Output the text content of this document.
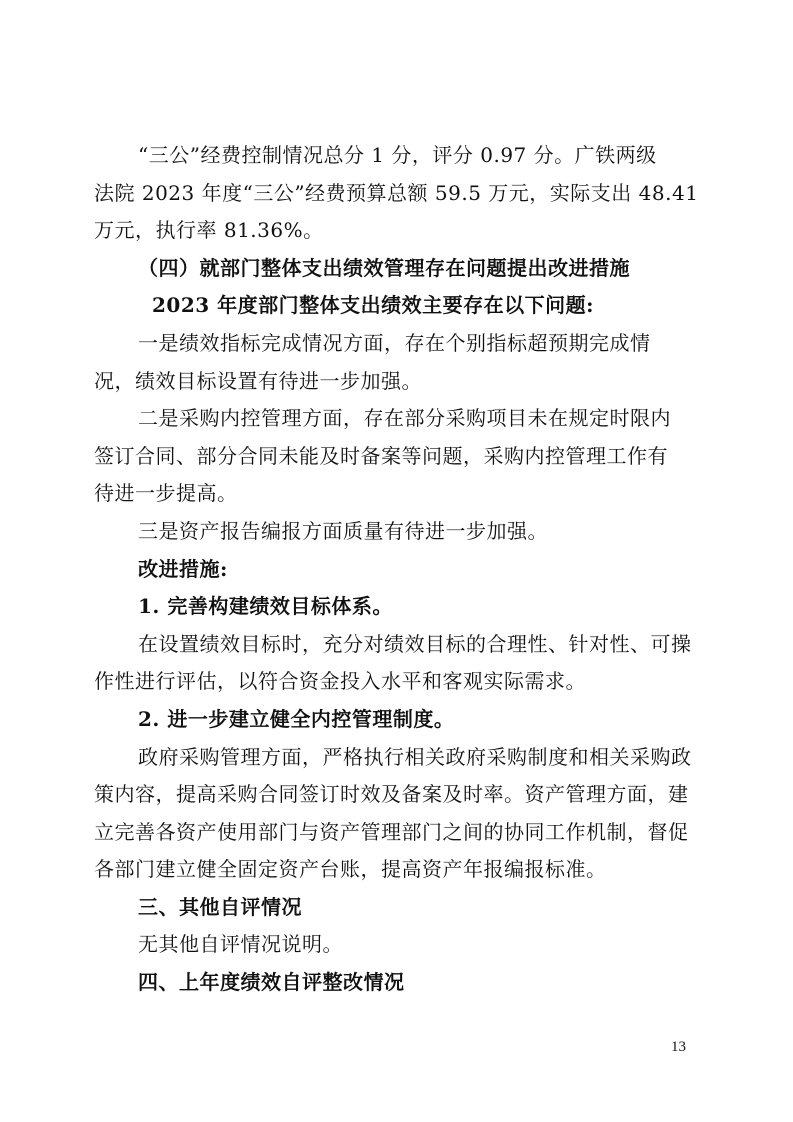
“三公”经费控制情况总分 1 分，评分 0.97 分。广铁两级
法院 2023 年度“三公”经费预算总额 59.5 万元，实际支出 48.41
万元，执行率 81.36%。
（四）就部门整体支出绩效管理存在问题提出改进措施
2023 年度部门整体支出绩效主要存在以下问题:
一是绩效指标完成情况方面，存在个别指标超预期完成情
况，绩效目标设置有待进一步加强。
二是采购内控管理方面，存在部分采购项目未在规定时限内
签订合同、部分合同未能及时备案等问题，采购内控管理工作有
待进一步提高。
三是资产报告编报方面质量有待进一步加强。
改进措施:
1. 完善构建绩效目标体系。
在设置绩效目标时，充分对绩效目标的合理性、针对性、可操
作性进行评估，以符合资金投入水平和客观实际需求。
2. 进一步建立健全内控管理制度。
政府采购管理方面，严格执行相关政府采购制度和相关采购政
策内容，提高采购合同签订时效及备案及时率。资产管理方面，建
立完善各资产使用部门与资产管理部门之间的协同工作机制，督促
各部门建立健全固定资产台账，提高资产年报编报标准。
三、其他自评情况
无其他自评情况说明。
四、上年度绩效自评整改情况
13
